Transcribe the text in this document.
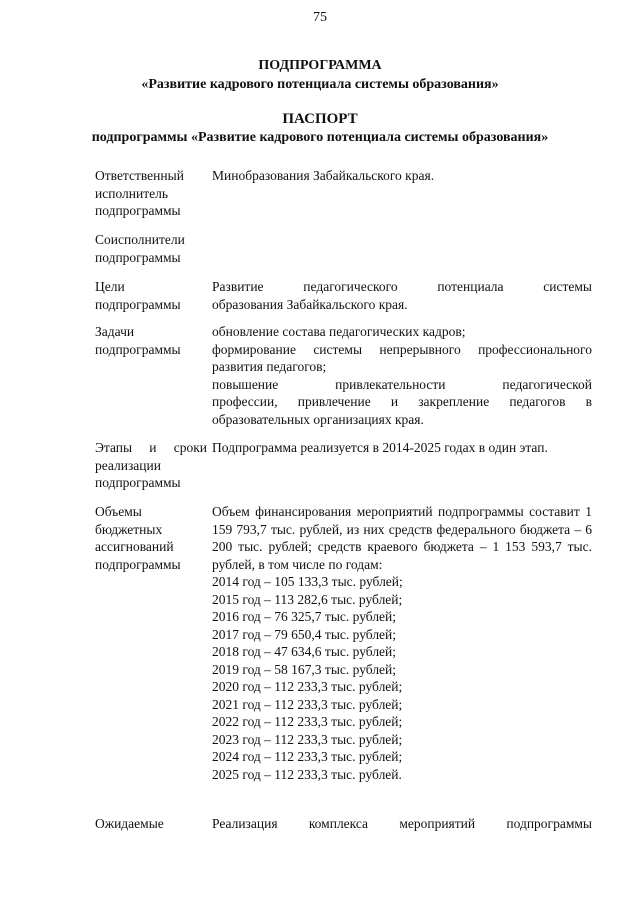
75
ПОДПРОГРАММА
«Развитие кадрового потенциала системы образования»
ПАСПОРТ
подпрограммы «Развитие кадрового потенциала системы образования»
Ответственный исполнитель подпрограммы
Минобразования Забайкальского края.
Соисполнители подпрограммы
Цели подпрограммы

Развитие педагогического потенциала системы

образования Забайкальского края.

Задачи подпрограммы

обновление состава педагогических кадров;

формирование системы непрерывного профессионального

развития педагогов;

повышение привлекательности педагогической

профессии, привлечение и закрепление педагогов в

образовательных организациях края.

Этапы и сроки
реализации подпрограммы
Подпрограмма реализуется в 2014-2025 годах в один этап.
Объемы бюджетных ассигнований подпрограммы

Объем финансирования мероприятий подпрограммы составит 1 159 793,7 тыс. рублей, из них средств федерального бюджета – 6 200 тыс. рублей; средств краевого бюджета – 1 153 593,7 тыс. рублей, в том числе по годам:

2014 год – 105 133,3 тыс. рублей;

2015 год – 113 282,6 тыс. рублей;

2016 год – 76 325,7 тыс. рублей;

2017 год – 79 650,4 тыс. рублей;

2018 год – 47 634,6 тыс. рублей;

2019 год – 58 167,3 тыс. рублей;

2020 год – 112 233,3 тыс. рублей;

2021 год – 112 233,3 тыс. рублей;

2022 год – 112 233,3 тыс. рублей;

2023 год – 112 233,3 тыс. рублей;

2024 год – 112 233,3 тыс. рублей;

2025 год – 112 233,3 тыс. рублей.

Ожидаемые	Реализация комплекса мероприятий подпрограммы
